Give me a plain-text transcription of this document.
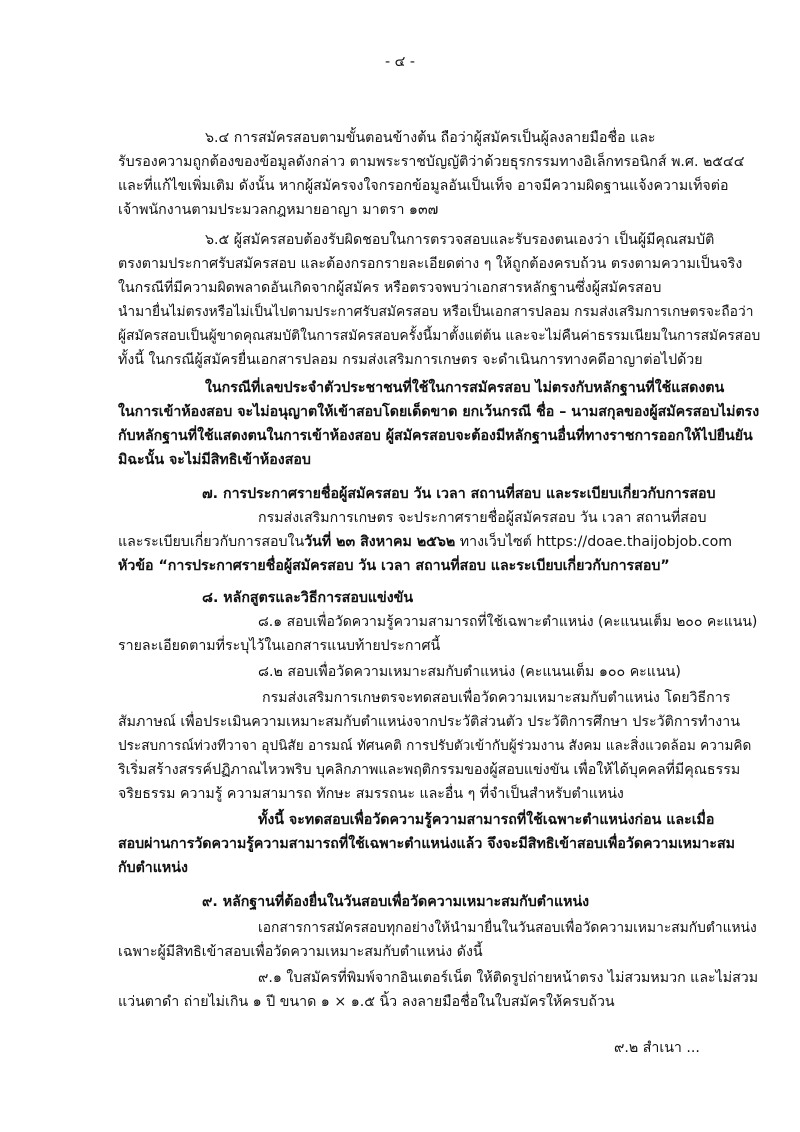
- ๔ -
๖.๔ การสมัครสอบตามขั้นตอนข้างต้น ถือว่าผู้สมัครเป็นผู้ลงลายมือชื่อ และ
รับรองความถูกต้องของข้อมูลดังกล่าว ตามพระราชบัญญัติว่าด้วยธุรกรรมทางอิเล็กทรอนิกส์ พ.ศ. ๒๕๔๔
และที่แก้ไขเพิ่มเติม ดังนั้น หากผู้สมัครจงใจกรอกข้อมูลอันเป็นเท็จ อาจมีความผิดฐานแจ้งความเท็จต่อ
เจ้าพนักงานตามประมวลกฎหมายอาญา มาตรา ๑๓๗
๖.๕ ผู้สมัครสอบต้องรับผิดชอบในการตรวจสอบและรับรองตนเองว่า เป็นผู้มีคุณสมบัติ
ตรงตามประกาศรับสมัครสอบ และต้องกรอกรายละเอียดต่าง ๆ ให้ถูกต้องครบถ้วน ตรงตามความเป็นจริง
ในกรณีที่มีความผิดพลาดอันเกิดจากผู้สมัคร หรือตรวจพบว่าเอกสารหลักฐานซึ่งผู้สมัครสอบ
นำมายื่นไม่ตรงหรือไม่เป็นไปตามประกาศรับสมัครสอบ หรือเป็นเอกสารปลอม กรมส่งเสริมการเกษตรจะถือว่า
ผู้สมัครสอบเป็นผู้ขาดคุณสมบัติในการสมัครสอบครั้งนี้มาตั้งแต่ต้น และจะไม่คืนค่าธรรมเนียมในการสมัครสอบ
ทั้งนี้ ในกรณีผู้สมัครยื่นเอกสารปลอม กรมส่งเสริมการเกษตร จะดำเนินการทางคดีอาญาต่อไปด้วย
ในกรณีที่เลขประจำตัวประชาชนที่ใช้ในการสมัครสอบ ไม่ตรงกับหลักฐานที่ใช้แสดงตน
ในการเข้าห้องสอบ จะไม่อนุญาตให้เข้าสอบโดยเด็ดขาด ยกเว้นกรณี ชื่อ – นามสกุลของผู้สมัครสอบไม่ตรง
กับหลักฐานที่ใช้แสดงตนในการเข้าห้องสอบ ผู้สมัครสอบจะต้องมีหลักฐานอื่นที่ทางราชการออกให้ไปยืนยัน
มิฉะนั้น จะไม่มีสิทธิเข้าห้องสอบ
๗. การประกาศรายชื่อผู้สมัครสอบ วัน เวลา สถานที่สอบ และระเบียบเกี่ยวกับการสอบ
กรมส่งเสริมการเกษตร จะประกาศรายชื่อผู้สมัครสอบ วัน เวลา สถานที่สอบ
และระเบียบเกี่ยวกับการสอบในวันที่ ๒๓ สิงหาคม ๒๕๖๒ ทางเว็บไซต์ https://doae.thaijobjob.com
หัวข้อ “การประกาศรายชื่อผู้สมัครสอบ วัน เวลา สถานที่สอบ และระเบียบเกี่ยวกับการสอบ”
๘. หลักสูตรและวิธีการสอบแข่งขัน
๘.๑ สอบเพื่อวัดความรู้ความสามารถที่ใช้เฉพาะตำแหน่ง (คะแนนเต็ม ๒๐๐ คะแนน)
รายละเอียดตามที่ระบุไว้ในเอกสารแนบท้ายประกาศนี้
๘.๒ สอบเพื่อวัดความเหมาะสมกับตำแหน่ง (คะแนนเต็ม ๑๐๐ คะแนน)
กรมส่งเสริมการเกษตรจะทดสอบเพื่อวัดความเหมาะสมกับตำแหน่ง โดยวิธีการ
สัมภาษณ์ เพื่อประเมินความเหมาะสมกับตำแหน่งจากประวัติส่วนตัว ประวัติการศึกษา ประวัติการทำงาน
ประสบการณ์ท่วงทีวาจา อุปนิสัย อารมณ์ ทัศนคติ การปรับตัวเข้ากับผู้ร่วมงาน สังคม และสิ่งแวดล้อม ความคิด
ริเริ่มสร้างสรรค์ปฏิภาณไหวพริบ บุคลิกภาพและพฤติกรรมของผู้สอบแข่งขัน เพื่อให้ได้บุคคลที่มีคุณธรรม
จริยธรรม ความรู้ ความสามารถ ทักษะ สมรรถนะ และอื่น ๆ ที่จำเป็นสำหรับตำแหน่ง
ทั้งนี้ จะทดสอบเพื่อวัดความรู้ความสามารถที่ใช้เฉพาะตำแหน่งก่อน และเมื่อ
สอบผ่านการวัดความรู้ความสามารถที่ใช้เฉพาะตำแหน่งแล้ว จึงจะมีสิทธิเข้าสอบเพื่อวัดความเหมาะสม
กับตำแหน่ง
๙. หลักฐานที่ต้องยื่นในวันสอบเพื่อวัดความเหมาะสมกับตำแหน่ง
เอกสารการสมัครสอบทุกอย่างให้นำมายื่นในวันสอบเพื่อวัดความเหมาะสมกับตำแหน่ง
เฉพาะผู้มีสิทธิเข้าสอบเพื่อวัดความเหมาะสมกับตำแหน่ง ดังนี้
๙.๑ ใบสมัครที่พิมพ์จากอินเตอร์เน็ต ให้ติดรูปถ่ายหน้าตรง ไม่สวมหมวก และไม่สวม
แว่นตาดำ ถ่ายไม่เกิน ๑ ปี ขนาด ๑ × ๑.๕ นิ้ว ลงลายมือชื่อในใบสมัครให้ครบถ้วน
๙.๒ สำเนา ...
